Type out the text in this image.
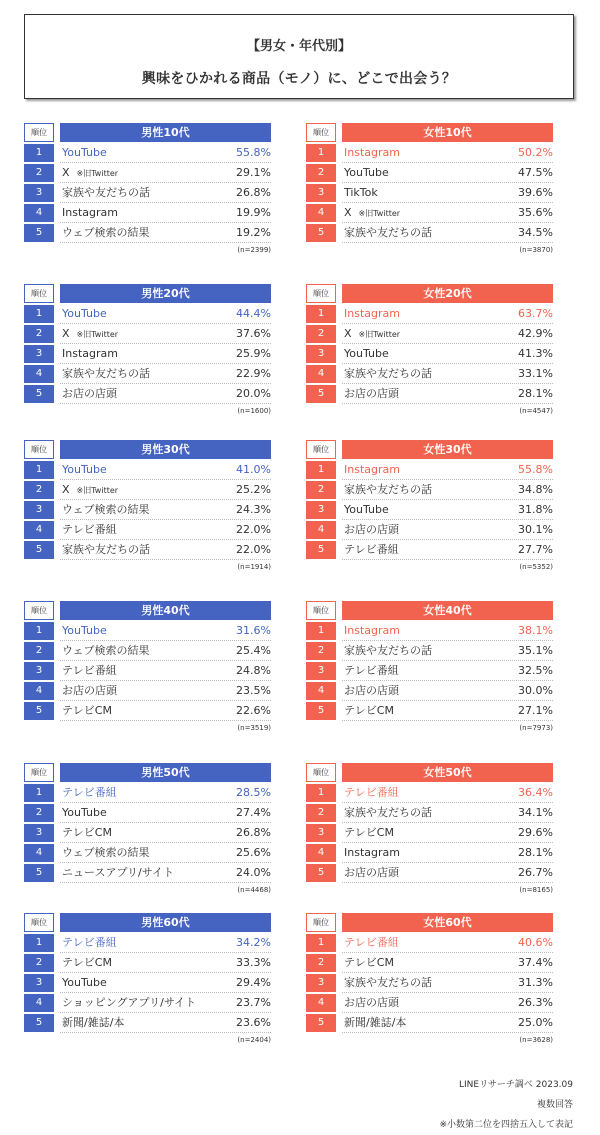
【男女・年代別】
興味をひかれる商品（モノ）に、どこで出会う？
順位	男性10代
1	YouTube	55.8%
2	X ※旧Twitter	29.1%
3	家族や友だちの話	26.8%
4	Instagram	19.9%
5	ウェブ検索の結果	19.2%
(n=2399)
順位	女性10代
1	Instagram	50.2%
2	YouTube	47.5%
3	TikTok	39.6%
4	X ※旧Twitter	35.6%
5	家族や友だちの話	34.5%
(n=3870)
順位	男性20代
1	YouTube	44.4%
2	X ※旧Twitter	37.6%
3	Instagram	25.9%
4	家族や友だちの話	22.9%
5	お店の店頭	20.0%
(n=1600)
順位	女性20代
1	Instagram	63.7%
2	X ※旧Twitter	42.9%
3	YouTube	41.3%
4	家族や友だちの話	33.1%
5	お店の店頭	28.1%
(n=4547)
順位	男性30代
1	YouTube	41.0%
2	X ※旧Twitter	25.2%
3	ウェブ検索の結果	24.3%
4	テレビ番組	22.0%
5	家族や友だちの話	22.0%
(n=1914)
順位	女性30代
1	Instagram	55.8%
2	家族や友だちの話	34.8%
3	YouTube	31.8%
4	お店の店頭	30.1%
5	テレビ番組	27.7%
(n=5352)
順位	男性40代
1	YouTube	31.6%
2	ウェブ検索の結果	25.4%
3	テレビ番組	24.8%
4	お店の店頭	23.5%
5	テレビCM	22.6%
(n=3519)
順位	女性40代
1	Instagram	38.1%
2	家族や友だちの話	35.1%
3	テレビ番組	32.5%
4	お店の店頭	30.0%
5	テレビCM	27.1%
(n=7973)
順位	男性50代
1	テレビ番組	28.5%
2	YouTube	27.4%
3	テレビCM	26.8%
4	ウェブ検索の結果	25.6%
5	ニュースアプリ/サイト	24.0%
(n=4468)
順位	女性50代
1	テレビ番組	36.4%
2	家族や友だちの話	34.1%
3	テレビCM	29.6%
4	Instagram	28.1%
5	お店の店頭	26.7%
(n=8165)
順位	男性60代
1	テレビ番組	34.2%
2	テレビCM	33.3%
3	YouTube	29.4%
4	ショッピングアプリ/サイト	23.7%
5	新聞/雑誌/本	23.6%
(n=2404)
順位	女性60代
1	テレビ番組	40.6%
2	テレビCM	37.4%
3	家族や友だちの話	31.3%
4	お店の店頭	26.3%
5	新聞/雑誌/本	25.0%
(n=3628)
LINEリサーチ調べ 2023.09
複数回答
※小数第二位を四捨五入して表記
